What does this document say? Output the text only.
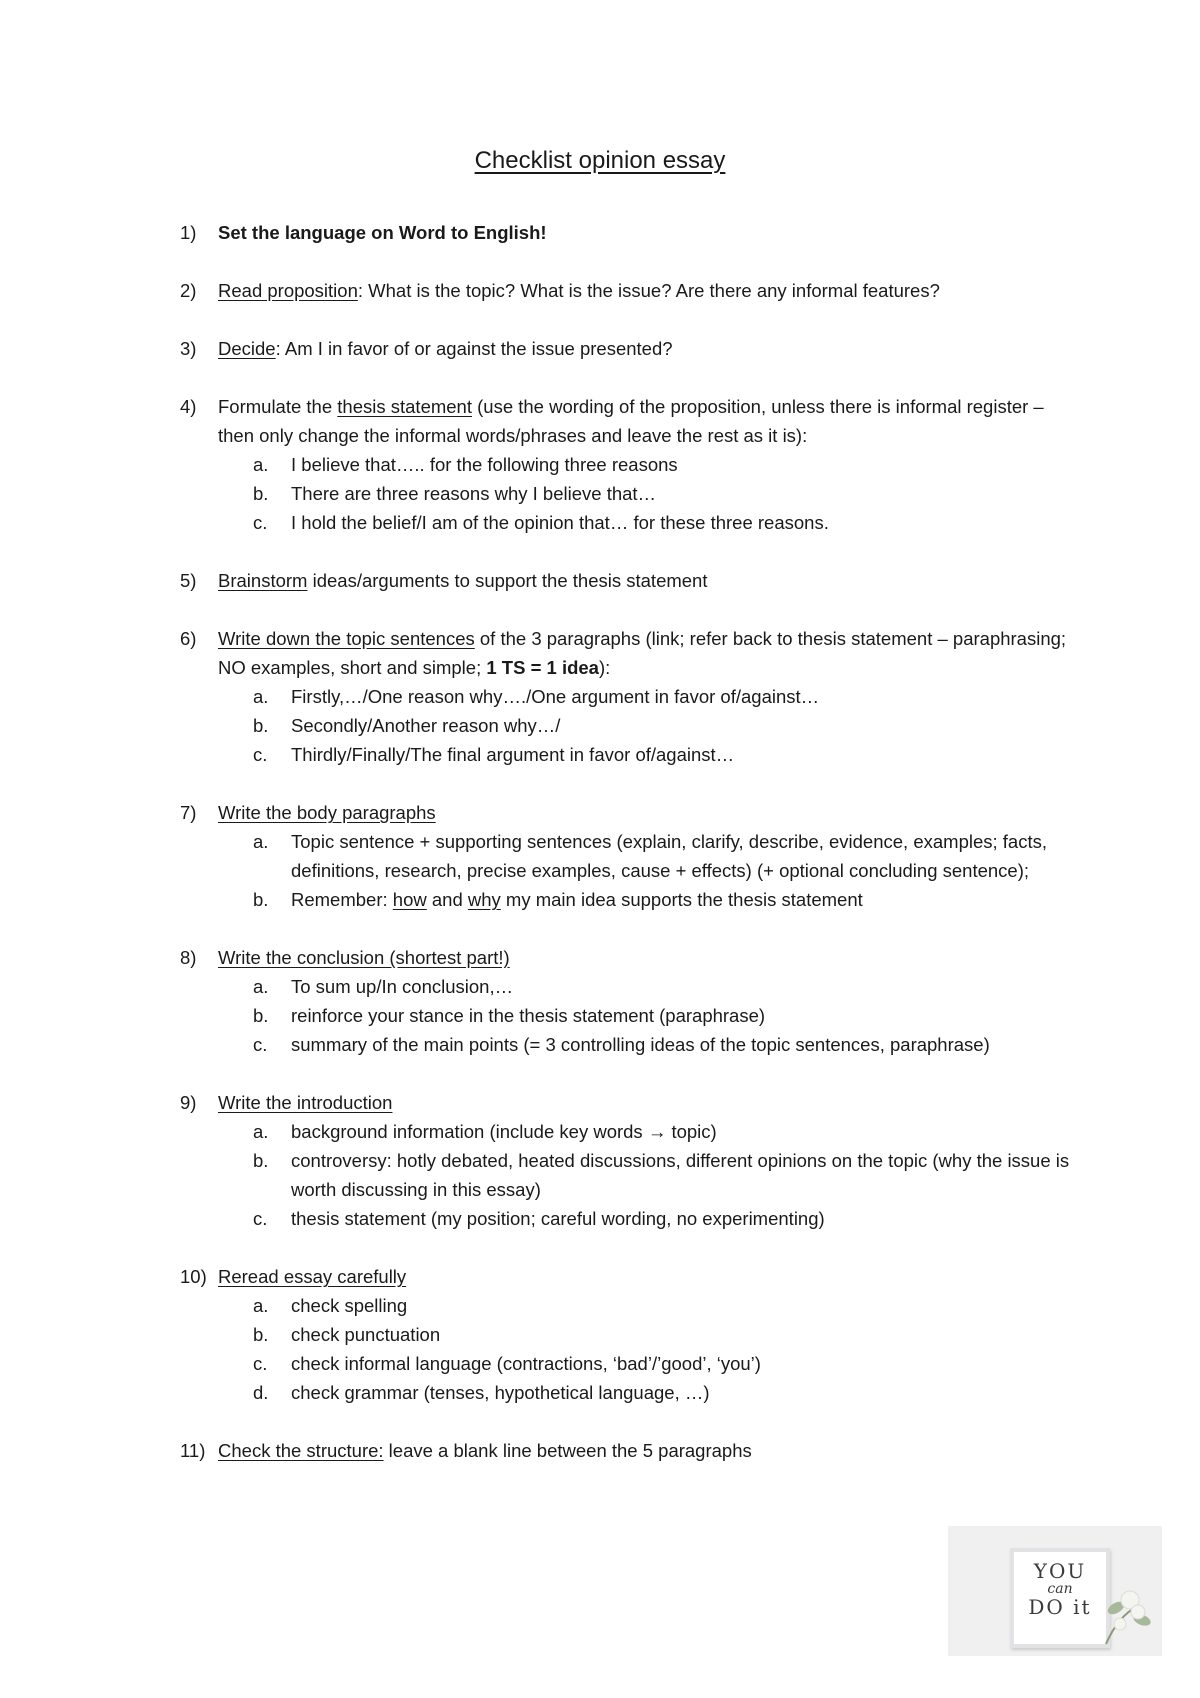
Checklist opinion essay
1)	Set the language on Word to English!
2)	Read proposition: What is the topic? What is the issue? Are there any informal features?
3)	Decide: Am I in favor of or against the issue presented?
4)	Formulate the thesis statement (use the wording of the proposition, unless there is informal register – then only change the informal words/phrases and leave the rest as it is):
a.	I believe that….. for the following three reasons
b.	There are three reasons why I believe that…
c.	I hold the belief/I am of the opinion that… for these three reasons.
5)	Brainstorm ideas/arguments to support the thesis statement
6)	Write down the topic sentences of the 3 paragraphs (link; refer back to thesis statement – paraphrasing; NO examples, short and simple; 1 TS = 1 idea):
a.	Firstly,…/One reason why…./One argument in favor of/against…
b.	Secondly/Another reason why…/
c.	Thirdly/Finally/The final argument in favor of/against…
7)	Write the body paragraphs
a.	Topic sentence + supporting sentences (explain, clarify, describe, evidence, examples; facts, definitions, research, precise examples, cause + effects) (+ optional concluding sentence);
b.	Remember: how and why my main idea supports the thesis statement
8)	Write the conclusion (shortest part!)
a.	To sum up/In conclusion,…
b.	reinforce your stance in the thesis statement (paraphrase)
c.	summary of the main points (= 3 controlling ideas of the topic sentences, paraphrase)
9)	Write the introduction
a.	background information (include key words → topic)
b.	controversy: hotly debated, heated discussions, different opinions on the topic (why the issue is worth discussing in this essay)
c.	thesis statement (my position; careful wording, no experimenting)
10) Reread essay carefully
a.	check spelling
b.	check punctuation
c.	check informal language (contractions, ‘bad’/’good’, ‘you’)
d.	check grammar (tenses, hypothetical language, …)
11) Check the structure: leave a blank line between the 5 paragraphs
YOU
can
DO it
